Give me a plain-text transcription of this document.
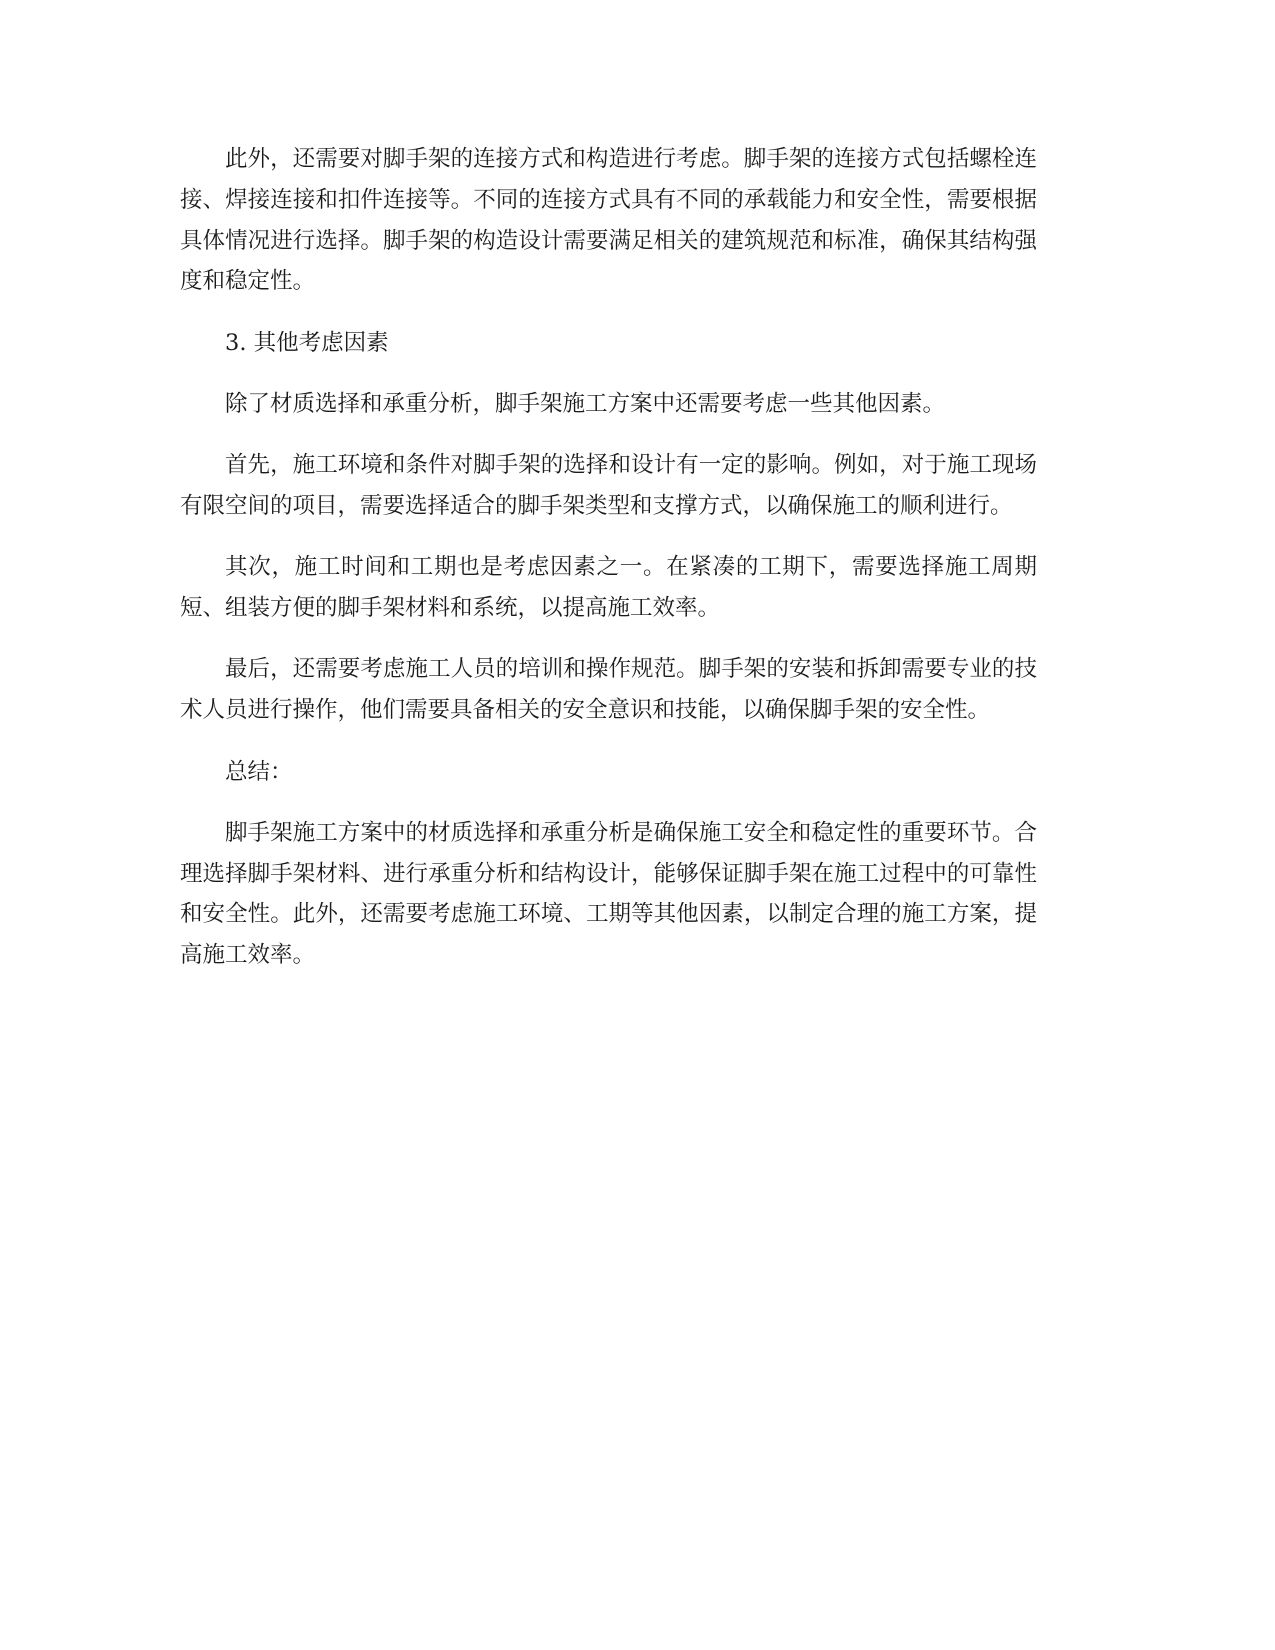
此外，还需要对脚手架的连接方式和构造进行考虑。脚手架的连接方式包括螺栓连接、焊接连接和扣件连接等。不同的连接方式具有不同的承载能力和安全性，需要根据具体情况进行选择。脚手架的构造设计需要满足相关的建筑规范和标准，确保其结构强度和稳定性。

3. 其他考虑因素

除了材质选择和承重分析，脚手架施工方案中还需要考虑一些其他因素。

首先，施工环境和条件对脚手架的选择和设计有一定的影响。例如，对于施工现场有限空间的项目，需要选择适合的脚手架类型和支撑方式，以确保施工的顺利进行。

其次，施工时间和工期也是考虑因素之一。在紧凑的工期下，需要选择施工周期短、组装方便的脚手架材料和系统，以提高施工效率。

最后，还需要考虑施工人员的培训和操作规范。脚手架的安装和拆卸需要专业的技术人员进行操作，他们需要具备相关的安全意识和技能，以确保脚手架的安全性。

总结：

脚手架施工方案中的材质选择和承重分析是确保施工安全和稳定性的重要环节。合理选择脚手架材料、进行承重分析和结构设计，能够保证脚手架在施工过程中的可靠性和安全性。此外，还需要考虑施工环境、工期等其他因素，以制定合理的施工方案，提高施工效率。
